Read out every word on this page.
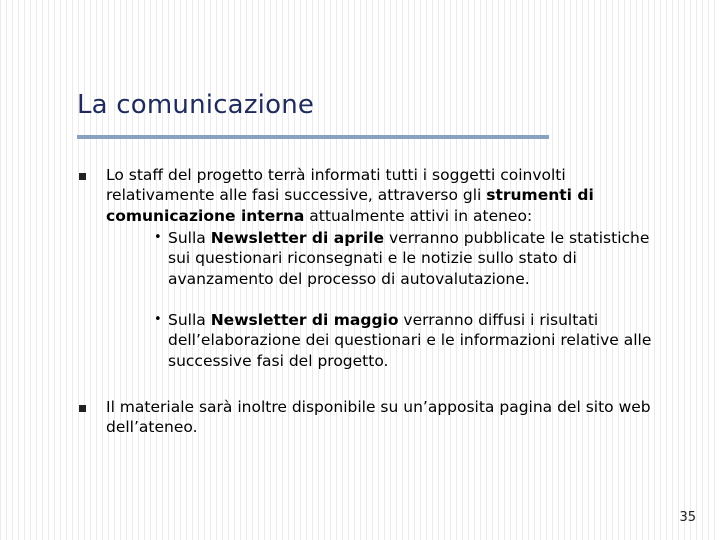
La comunicazione

Lo staff del progetto terrà informati tutti i soggetti coinvolti relativamente alle fasi successive, attraverso gli strumenti di comunicazione interna attualmente attivi in ateneo:

• Sulla Newsletter di aprile verranno pubblicate le statistiche sui questionari riconsegnati e le notizie sullo stato di avanzamento del processo di autovalutazione.

• Sulla Newsletter di maggio verranno diffusi i risultati dell’elaborazione dei questionari e le informazioni relative alle successive fasi del progetto.

Il materiale sarà inoltre disponibile su un’apposita pagina del sito web dell’ateneo.

35
